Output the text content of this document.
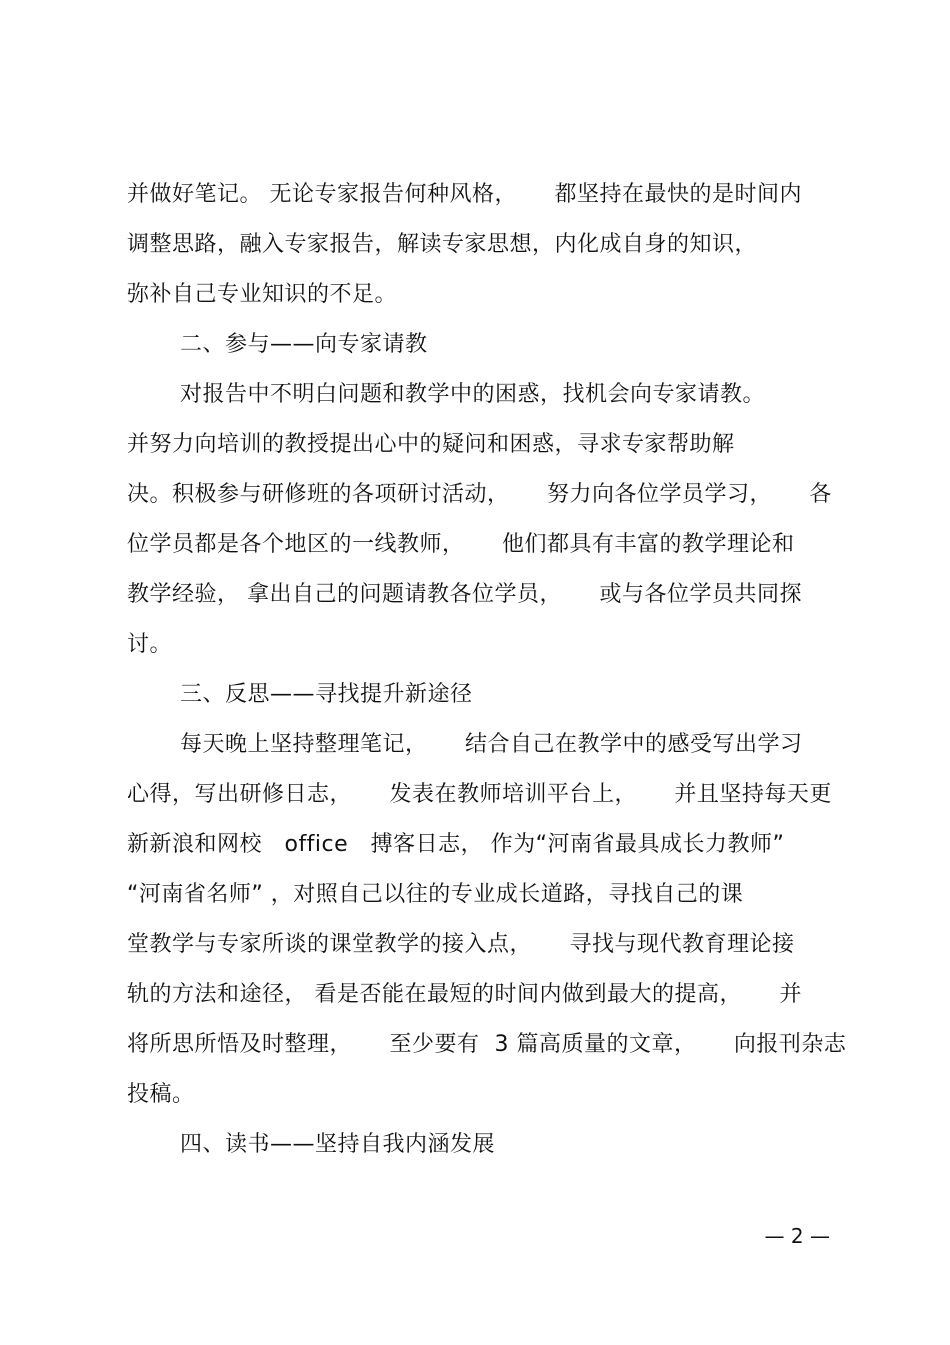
并做好笔记。 无论专家报告何种风格，     都坚持在最快的是时间内
调整思路，融入专家报告，解读专家思想，内化成自身的知识，
弥补自己专业知识的不足。
二、参与——向专家请教
对报告中不明白问题和教学中的困惑，找机会向专家请教。
并努力向培训的教授提出心中的疑问和困惑，寻求专家帮助解
决。积极参与研修班的各项研讨活动，     努力向各位学员学习，     各
位学员都是各个地区的一线教师，     他们都具有丰富的教学理论和
教学经验， 拿出自己的问题请教各位学员，     或与各位学员共同探
讨。
三、反思——寻找提升新途径
每天晚上坚持整理笔记，     结合自己在教学中的感受写出学习
心得，写出研修日志，     发表在教师培训平台上，     并且坚持每天更
新新浪和网校   office   搏客日志， 作为“河南省最具成长力教师”
“河南省名师” ，对照自己以往的专业成长道路，寻找自己的课
堂教学与专家所谈的课堂教学的接入点，     寻找与现代教育理论接
轨的方法和途径， 看是否能在最短的时间内做到最大的提高，     并
将所思所悟及时整理，     至少要有  3 篇高质量的文章，     向报刊杂志
投稿。
四、读书——坚持自我内涵发展
— 2 —
